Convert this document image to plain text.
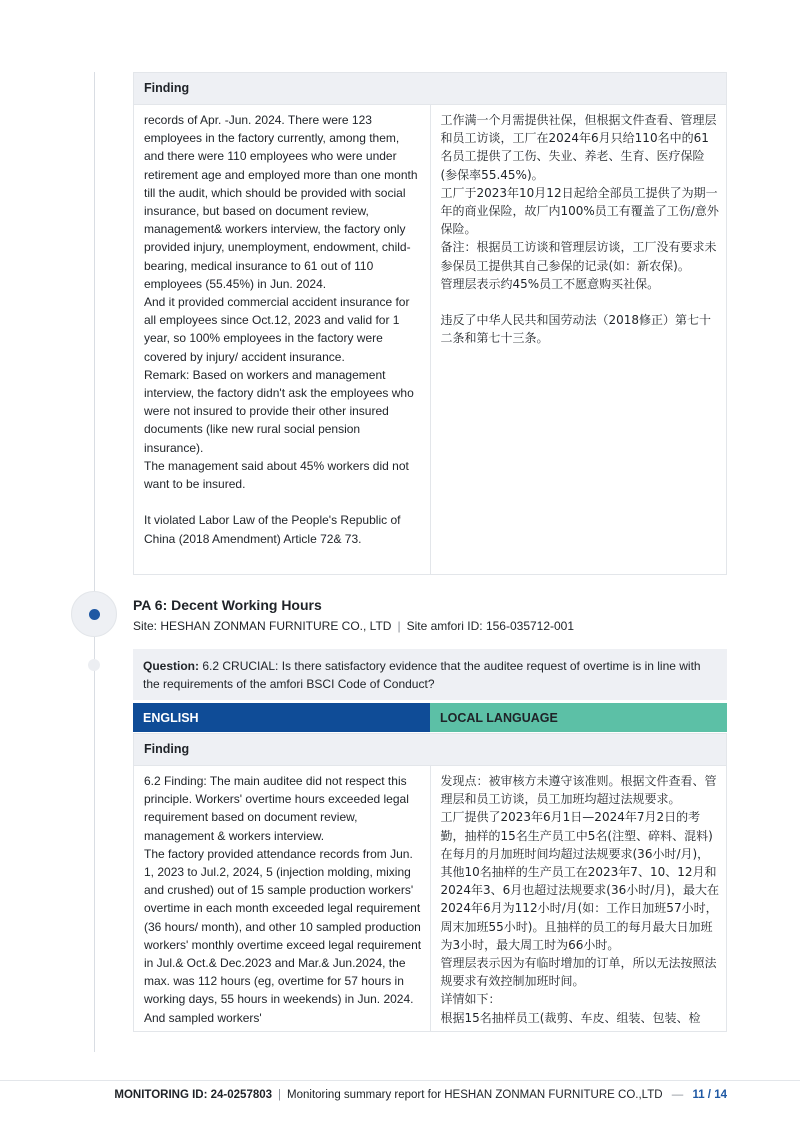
Finding
records of Apr. -Jun. 2024. There were 123 employees in the factory currently, among them, and there were 110 employees who were under retirement age and employed more than one month till the audit, which should be provided with social insurance, but based on document review, management& workers interview, the factory only provided injury, unemployment, endowment, child-bearing, medical insurance to 61 out of 110 employees (55.45%) in Jun. 2024.
And it provided commercial accident insurance for all employees since Oct.12, 2023 and valid for 1 year, so 100% employees in the factory were covered by injury/ accident insurance.
Remark: Based on workers and management interview, the factory didn't ask the employees who were not insured to provide their other insured documents (like new rural social pension insurance).
The management said about 45% workers did not want to be insured.

It violated Labor Law of the People's Republic of China (2018 Amendment) Article 72& 73.	工作满一个月需提供社保，但根据文件查看、管理层和员工访谈，工厂在2024年6月只给110名中的61名员工提供了工伤、失业、养老、生育、医疗保险(参保率55.45%)。
工厂于2023年10月12日起给全部员工提供了为期一年的商业保险，故厂内100%员工有覆盖了工伤/意外保险。
备注：根据员工访谈和管理层访谈，工厂没有要求未参保员工提供其自己参保的记录(如：新农保)。
管理层表示约45%员工不愿意购买社保。

违反了中华人民共和国劳动法（2018修正）第七十二条和第七十三条。
PA 6: Decent Working Hours
Site: HESHAN ZONMAN FURNITURE CO., LTD | Site amfori ID: 156-035712-001
Question: 6.2 CRUCIAL: Is there satisfactory evidence that the auditee request of overtime is in line with the requirements of the amfori BSCI Code of Conduct?
ENGLISH	LOCAL LANGUAGE
Finding
6.2 Finding: The main auditee did not respect this principle. Workers' overtime hours exceeded legal requirement based on document review, management & workers interview.
The factory provided attendance records from Jun. 1, 2023 to Jul.2, 2024, 5 (injection molding, mixing and crushed) out of 15 sample production workers' overtime in each month exceeded legal requirement (36 hours/ month), and other 10 sampled production workers' monthly overtime exceed legal requirement in Jul.& Oct.& Dec.2023 and Mar.& Jun.2024, the max. was 112 hours (eg, overtime for 57 hours in working days, 55 hours in weekends) in Jun. 2024. And sampled workers'	发现点：被审核方未遵守该准则。根据文件查看、管理层和员工访谈，员工加班均超过法规要求。
工厂提供了2023年6月1日—2024年7月2日的考勤，抽样的15名生产员工中5名(注塑、碎料、混料)在每月的月加班时间均超过法规要求(36小时/月)，其他10名抽样的生产员工在2023年7、10、12月和2024年3、6月也超过法规要求(36小时/月)，最大在2024年6月为112小时/月(如：工作日加班57小时，周末加班55小时)。且抽样的员工的每月最大日加班为3小时，最大周工时为66小时。
管理层表示因为有临时增加的订单，所以无法按照法规要求有效控制加班时间。
详情如下：
根据15名抽样员工(裁剪、车皮、组装、包装、检
MONITORING ID: 24-0257803 | Monitoring summary report for HESHAN ZONMAN FURNITURE CO.,LTD — 11 / 14
